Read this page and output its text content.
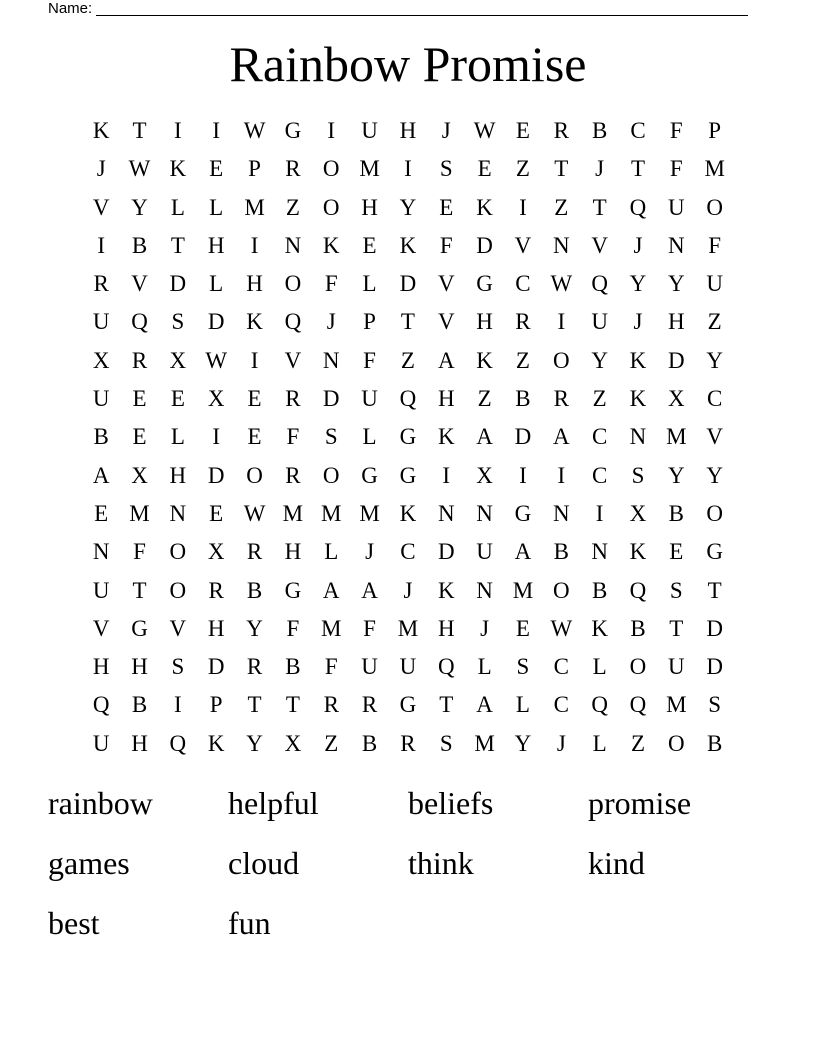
Name:
Rainbow Promise
K	T	I	I	W G	I	U H	J	W E	R	B	C	F	P
J	W K	E	P	R O M	I	S	E	Z	T	J	T	F M
V Y	L	L M Z	O H Y	E	K	I	Z	T	Q U O
I	B	T	H	I	N K	E	K	F	D V N V	J	N	F
R V D	L	H O	F	L	D V G C W Q Y Y U
U Q	S	D K Q	J	P	T	V H R	I	U	J	H	Z
X R X W	I	V N	F	Z	A K	Z	O Y K D Y
U	E	E	X	E	R D U Q H	Z	B	R	Z	K X C
B	E	L	I	E	F	S	L	G K A D A C N M V
A X H D O R O G G	I	X	I	I	C	S	Y Y
E M N	E W M M M K N N G N	I	X B O
N	F	O X R H	L	J	C D U A B N K	E	G
U	T	O R	B G A A	J	K N M O B Q	S	T
V G V H Y	F M F M H	J	E W K B	T	D
H H	S	D R	B	F	U U Q	L	S	C	L	O U D
Q B	I	P	T	T	R	R G	T	A	L	C Q Q M S
U H Q K Y X	Z	B	R	S M Y	J	L	Z	O B
rainbow	helpful	beliefs	promise
games	cloud	think	kind
best	fun
